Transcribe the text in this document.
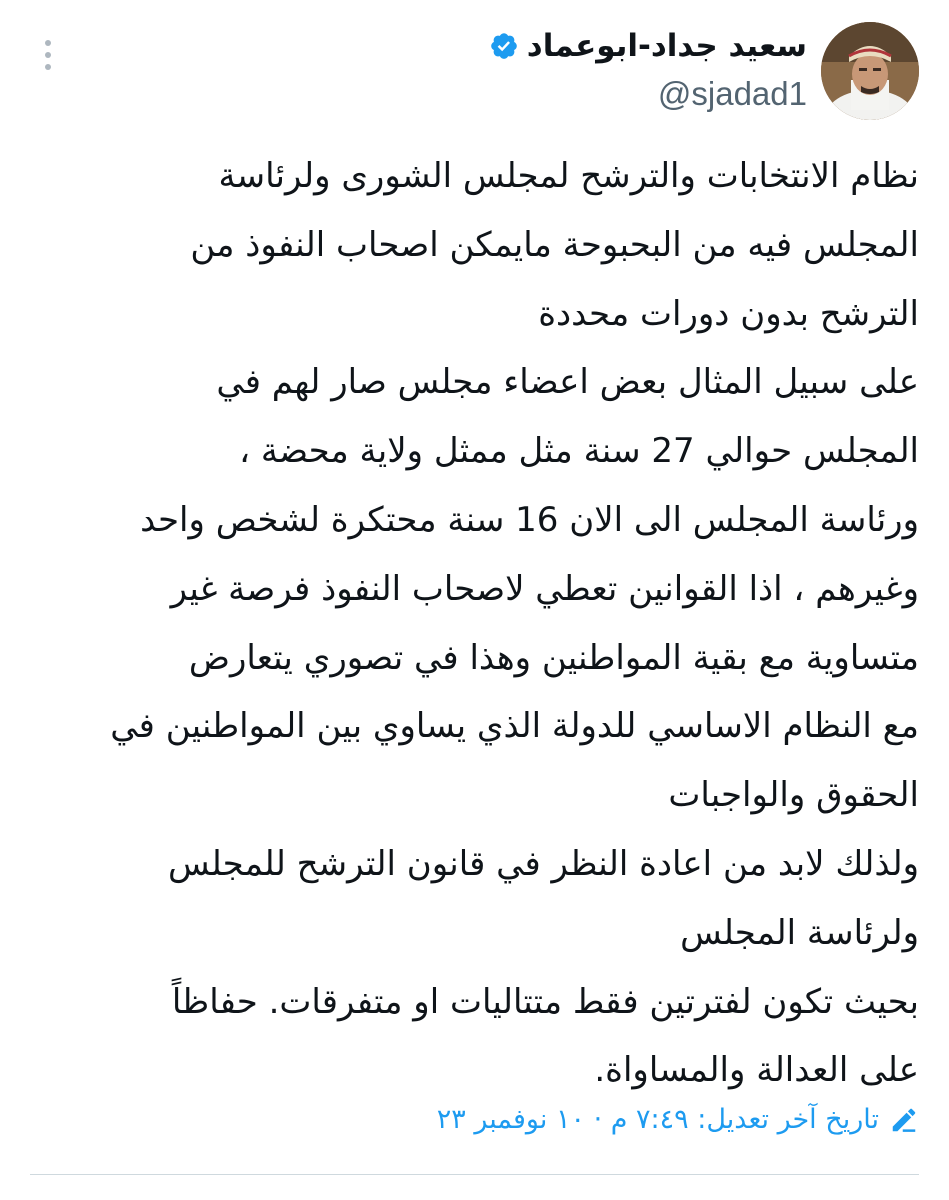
سعيد جداد-ابوعماد
@sjadad1
نظام الانتخابات والترشح لمجلس الشورى ولرئاسة
المجلس فيه من البحبوحة مايمكن اصحاب النفوذ من
الترشح بدون دورات محددة
على سبيل المثال بعض اعضاء مجلس صار لهم في
المجلس حوالي 27 سنة مثل ممثل ولاية محضة ،
ورئاسة المجلس الى الان 16 سنة محتكرة لشخص واحد
وغيرهم ، اذا القوانين تعطي لاصحاب النفوذ فرصة غير
متساوية مع بقية المواطنين وهذا في تصوري يتعارض
مع النظام الاساسي للدولة الذي يساوي بين المواطنين في
الحقوق والواجبات
ولذلك لابد من اعادة النظر في قانون الترشح للمجلس
ولرئاسة المجلس
بحيث تكون لفترتين فقط متتاليات او متفرقات. حفاظاً
على العدالة والمساواة.
تاريخ آخر تعديل: ٧:٤٩ م · ١٠ نوفمبر ٢٣
